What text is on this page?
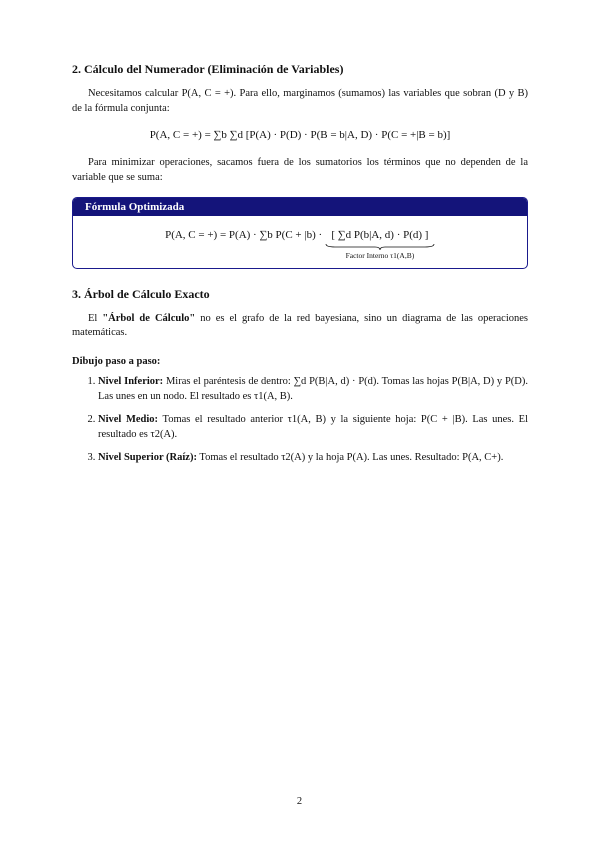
2. Cálculo del Numerador (Eliminación de Variables)

Necesitamos calcular P(A, C = +). Para ello, marginamos (sumamos) las variables que sobran (D y B) de la fórmula conjunta:

P(A, C = +) = ∑b ∑d [P(A) · P(D) · P(B = b|A, D) · P(C = +|B = b)]

Para minimizar operaciones, sacamos fuera de los sumatorios los términos que no dependen de la variable que se suma:

Fórmula Optimizada
P(A, C = +) = P(A) · ∑b P(C + |b) · [ ∑d P(b|A, d) · P(d) ]
Factor Interno τ1(A,B)
3. Árbol de Cálculo Exacto

El "Árbol de Cálculo" no es el grafo de la red bayesiana, sino un diagrama de las operaciones matemáticas.

Dibujo paso a paso:
1. Nivel Inferior: Miras el paréntesis de dentro: ∑d P(B|A, d) · P(d). Tomas las hojas P(B|A, D) y P(D). Las unes en un nodo. El resultado es τ1(A, B).
2. Nivel Medio: Tomas el resultado anterior τ1(A, B) y la siguiente hoja: P(C + |B). Las unes. El resultado es τ2(A).
3. Nivel Superior (Raíz): Tomas el resultado τ2(A) y la hoja P(A). Las unes. Resultado: P(A, C+).
2
